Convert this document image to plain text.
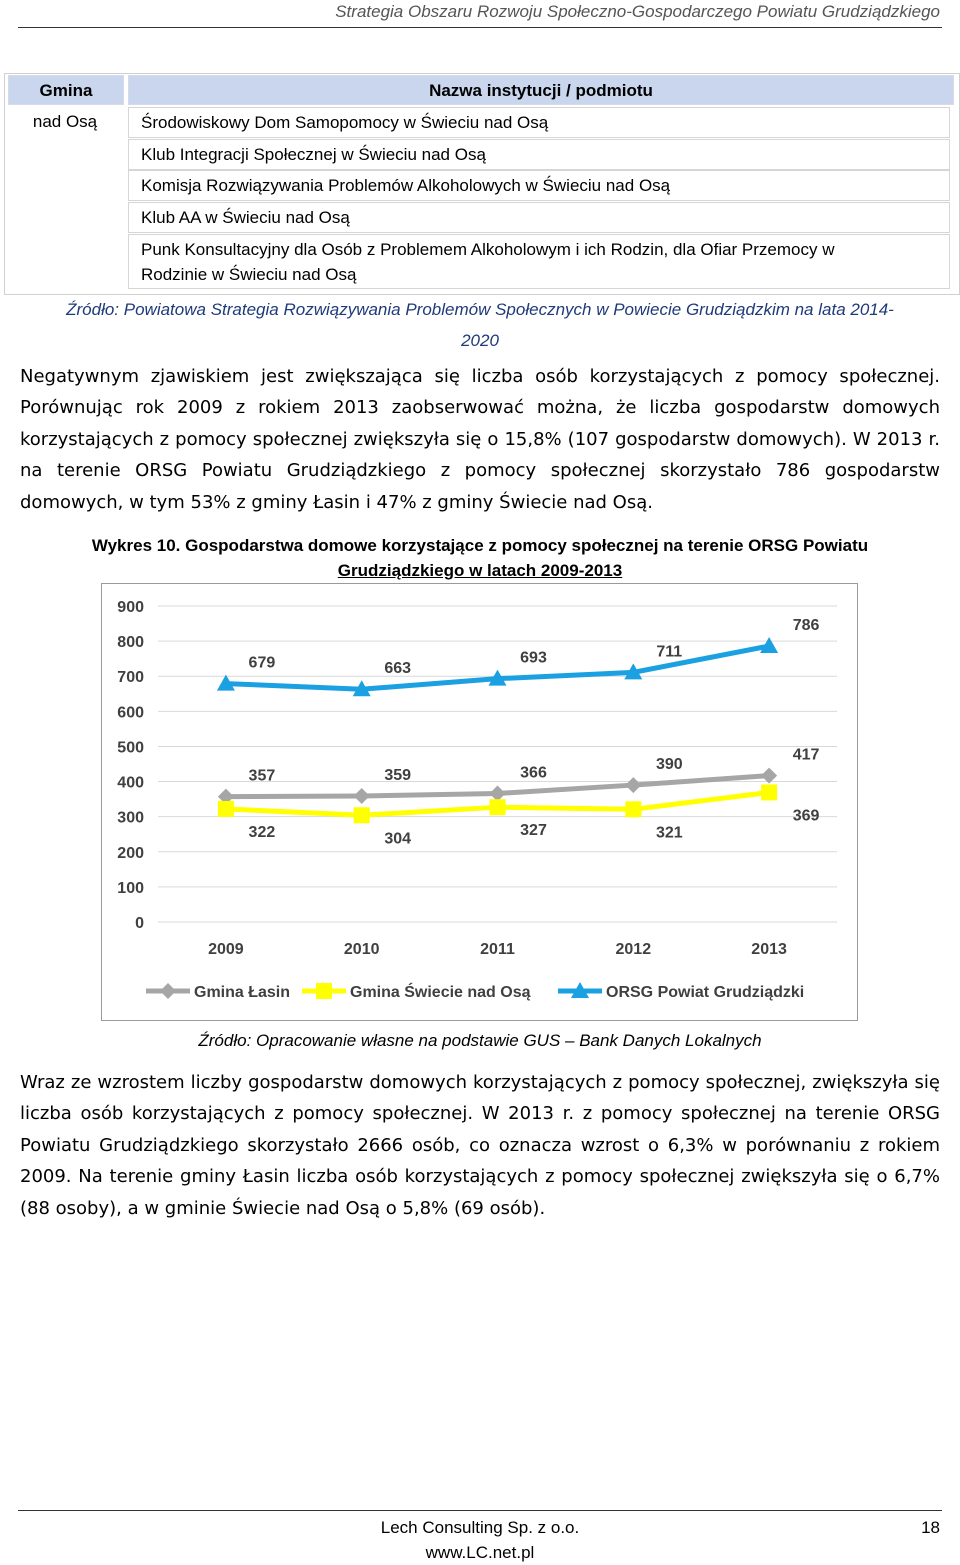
Strategia Obszaru Rozwoju Społeczno-Gospodarczego Powiatu Grudziądzkiego
Gmina	Nazwa instytucji / podmiotu
nad Osą	Środowiskowy Dom Samopomocy w Świeciu nad Osą
Klub Integracji Społecznej w Świeciu nad Osą
Komisja Rozwiązywania Problemów Alkoholowych w Świeciu nad Osą
Klub AA w Świeciu nad Osą
Punk Konsultacyjny dla Osób z Problemem Alkoholowym i ich Rodzin, dla Ofiar Przemocy w
Rodzinie w Świeciu nad Osą
Źródło: Powiatowa Strategia Rozwiązywania Problemów Społecznych w Powiecie Grudziądzkim na lata 2014-
2020
Negatywnym zjawiskiem jest zwiększająca się liczba osób korzystających z pomocy społecznej.
Porównując rok 2009 z rokiem 2013 zaobserwować można, że liczba gospodarstw domowych
korzystających z pomocy społecznej zwiększyła się o 15,8% (107 gospodarstw domowych). W 2013 r.
na terenie ORSG Powiatu Grudziądzkiego z pomocy społecznej skorzystało 786 gospodarstw
domowych, w tym 53% z gminy Łasin i 47% z gminy Świecie nad Osą.
Wykres 10. Gospodarstwa domowe korzystające z pomocy społecznej na terenie ORSG Powiatu
Grudziądzkiego w latach 2009-2013
0
100
200
300
400
500
600
700
800
900
2009	2010	2011	2012	2013
357	359	366	390
417
322	304	327	321
369
679	663
693	711
786
Gmina Łasin	Gmina Świecie nad Osą	ORSG Powiat Grudziądzki
Źródło: Opracowanie własne na podstawie GUS – Bank Danych Lokalnych
Wraz ze wzrostem liczby gospodarstw domowych korzystających z pomocy społecznej, zwiększyła się
liczba osób korzystających z pomocy społecznej. W 2013 r. z pomocy społecznej na terenie ORSG
Powiatu Grudziądzkiego skorzystało 2666 osób, co oznacza wzrost o 6,3% w porównaniu z rokiem
2009. Na terenie gminy Łasin liczba osób korzystających z pomocy społecznej zwiększyła się o 6,7%
(88 osoby), a w gminie Świecie nad Osą o 5,8% (69 osób).
Lech Consulting Sp. z o.o.
www.LC.net.pl
18
